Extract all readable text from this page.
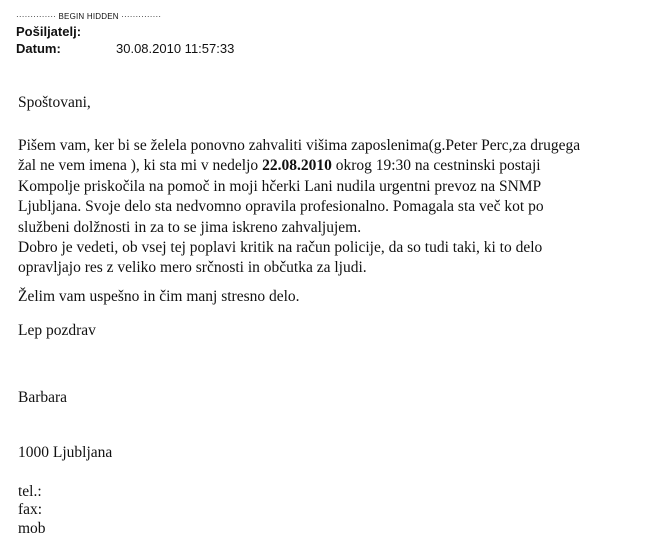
·············· BEGIN HIDDEN ··············
Pošiljatelj:
Datum:	30.08.2010 11:57:33
Spoštovani,

Pišem vam, ker bi se želela ponovno zahvaliti višima zaposlenima(g.Peter Perc,za drugega

žal ne vem imena ), ki sta mi v nedeljo 22.08.2010 okrog 19:30 na cestninski postaji

Kompolje priskočila na pomoč in moji hčerki Lani nudila urgentni prevoz na SNMP

Ljubljana. Svoje delo sta nedvomno opravila profesionalno. Pomagala sta več kot po

službeni dolžnosti in za to se jima iskreno zahvaljujem.

Dobro je vedeti, ob vsej tej poplavi kritik na račun policije, da so tudi taki, ki to delo

opravljajo res z veliko mero srčnosti in občutka za ljudi.

Želim vam uspešno in čim manj stresno delo.
Lep pozdrav
Barbara
1000 Ljubljana
tel.:
fax:
mob
